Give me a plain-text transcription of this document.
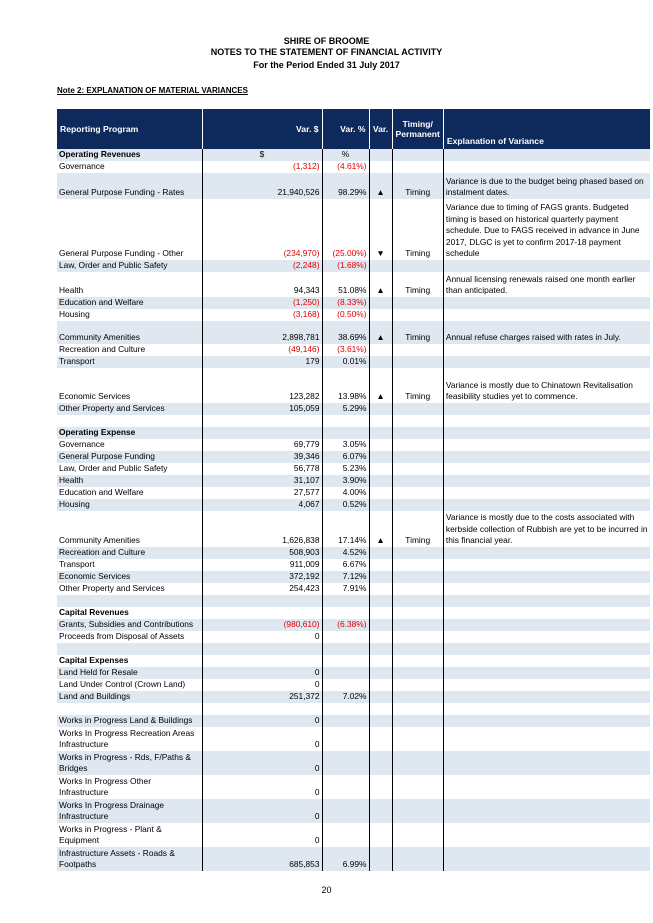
SHIRE OF BROOME
NOTES TO THE STATEMENT OF FINANCIAL ACTIVITY
For the Period Ended 31 July 2017
Note 2: EXPLANATION OF MATERIAL VARIANCES
Reporting Program	Var. $	Var. %	Var.	Timing/ Permanent	Explanation of Variance
Operating Revenues	$	%			
Governance	(1,312)	(4.61%)			
General Purpose Funding - Rates	21,940,526	98.29%	▲	Timing	Variance is due to the budget being phased based on instalment dates.
General Purpose Funding - Other	(234,970)	(25.00%)	▼	Timing	Variance due to timing of FAGS grants. Budgeted timing is based on historical quarterly payment schedule. Due to FAGS received in advance in June 2017, DLGC is yet to confirm 2017-18 payment schedule
Law, Order and Public Safety	(2,248)	(1.68%)			
Health	94,343	51.08%	▲	Timing	Annual licensing renewals raised one month earlier than anticipated.
Education and Welfare	(1,250)	(8.33%)			
Housing	(3,168)	(0.50%)			
Community Amenities	2,898,781	38.69%	▲	Timing	Annual refuse charges raised with rates in July.
Recreation and Culture	(49,146)	(3.61%)			
Transport	179	0.01%			
Economic Services	123,282	13.98%	▲	Timing	Variance is mostly due to Chinatown Revitalisation feasibility studies yet to commence.
Other Property and Services	105,059	5.29%			

Operating Expense					
Governance	69,779	3.05%			
General Purpose Funding	39,346	6.07%			
Law, Order and Public Safety	56,778	5.23%			
Health	31,107	3.90%			
Education and Welfare	27,577	4.00%			
Housing	4,067	0.52%			
Community Amenities	1,626,838	17.14%	▲	Timing	Variance is mostly due to the costs associated with kerbside collection of Rubbish are yet to be incurred in this financial year.
Recreation and Culture	508,903	4.52%			
Transport	911,009	6.67%			
Economic Services	372,192	7.12%			
Other Property and Services	254,423	7.91%			

Capital Revenues					
Grants, Subsidies and Contributions	(980,610)	(6.38%)			
Proceeds from Disposal of Assets	0				

Capital Expenses					
Land Held for Resale	0				
Land Under Control (Crown Land)	0				
Land and Buildings	251,372	7.02%			

Works in Progress Land & Buildings	0				
Works In Progress Recreation Areas Infrastructure	0				
Works in Progress - Rds, F/Paths & Bridges	0				
Works In Progress Other Infrastructure	0				
Works In Progress Drainage Infrastructure	0				
Works in Progress - Plant & Equipment	0				
Infrastructure Assets - Roads & Footpaths	685,853	6.99%			
20
